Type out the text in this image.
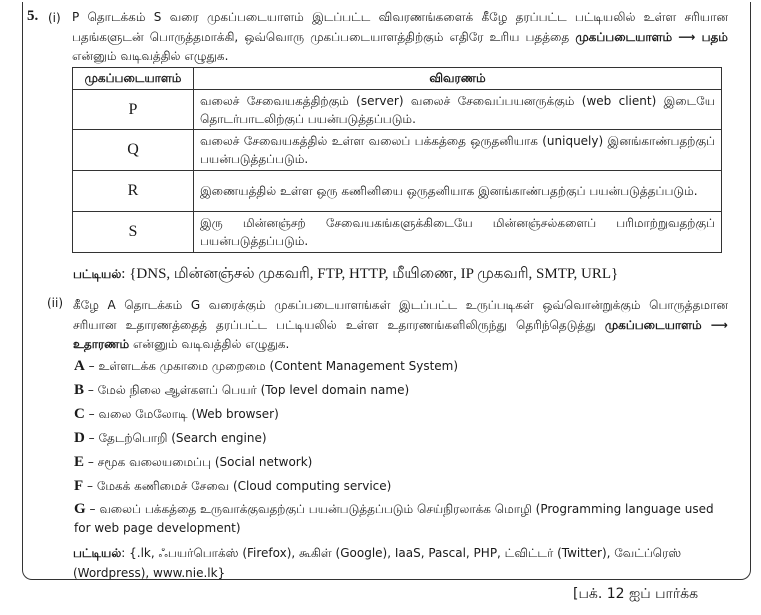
5. (i) P தொடக்கம் S வரை முகப்படையாளம் இடப்பட்ட விவரணங்களைக் கீழே தரப்பட்ட பட்டியலில் உள்ள சரியான பதங்களுடன் பொருத்தமாக்கி, ஒவ்வொரு முகப்படையாளத்திற்கும் எதிரே உரிய பதத்தை முகப்படையாளம் ⟶ பதம் என்னும் வடிவத்தில் எழுதுக.
முகப்படையாளம்	விவரணம்
P	வலைச் சேவையகத்திற்கும் (server) வலைச் சேவைப்பயனருக்கும் (web client) இடையே தொடர்பாடலிற்குப் பயன்படுத்தப்படும்.
Q	வலைச் சேவையகத்தில் உள்ள வலைப் பக்கத்தை ஒருதனியாக (uniquely) இனங்காண்பதற்குப் பயன்படுத்தப்படும்.
R	இணையத்தில் உள்ள ஒரு கணினியை ஒருதனியாக இனங்காண்பதற்குப் பயன்படுத்தப்படும்.
S	இரு மின்னஞ்சற் சேவையகங்களுக்கிடையே மின்னஞ்சல்களைப் பரிமாற்றுவதற்குப் பயன்படுத்தப்படும்.
பட்டியல்: {DNS, மின்னஞ்சல் முகவரி, FTP, HTTP, மீயிணை, IP முகவரி, SMTP, URL}
(ii) கீழே A தொடக்கம் G வரைக்கும் முகப்படையாளங்கள் இடப்பட்ட உருப்படிகள் ஒவ்வொன்றுக்கும் பொருத்தமான சரியான உதாரணத்தைத் தரப்பட்ட பட்டியலில் உள்ள உதாரணங்களிலிருந்து தெரிந்தெடுத்து முகப்படையாளம் ⟶ உதாரணம் என்னும் வடிவத்தில் எழுதுக.
A – உள்ளடக்க முகாமை முறைமை (Content Management System)
B – மேல் நிலை ஆள்களப் பெயர் (Top level domain name)
C – வலை மேலோடி (Web browser)
D – தேடற்பொறி (Search engine)
E – சமூக வலையமைப்பு (Social network)
F – மேகக் கணிமைச் சேவை (Cloud computing service)
G – வலைப் பக்கத்தை உருவாக்குவதற்குப் பயன்படுத்தப்படும் செய்நிரலாக்க மொழி (Programming language used for web page development)
பட்டியல்: {.lk, ஃபயர்பொக்ஸ் (Firefox), கூகிள் (Google), IaaS, Pascal, PHP, ட்விட்டர் (Twitter), வேட்ப்ரெஸ் (Wordpress), www.nie.lk}
[பக். 12 ஐப் பார்க்க
